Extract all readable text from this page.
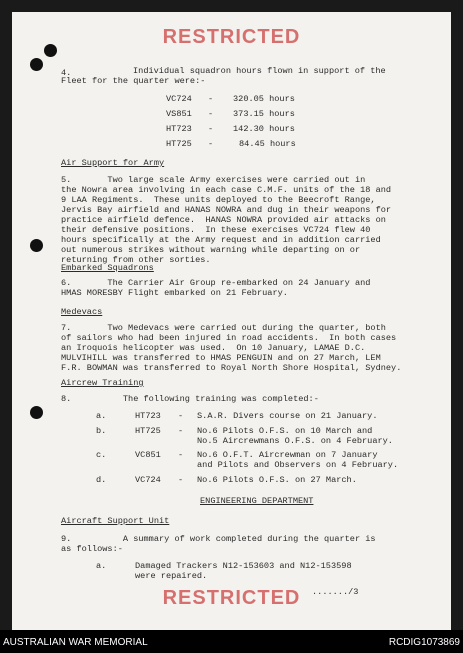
RESTRICTED
4.	Individual squadron hours flown in support of the
Fleet for the quarter were:-
VC724 - 320.05 hours
VS851 - 373.15 hours
HT723 - 142.30 hours
HT725 -	84.45 hours
Air Support for Army
5.       Two large scale Army exercises were carried out in
the Nowra area involving in each case C.M.F. units of the 18 and
9 LAA Regiments.  These units deployed to the Beecroft Range,
Jervis Bay airfield and HANAS NOWRA and dug in their weapons for
practice airfield defence.  HANAS NOWRA provided air attacks on
their defensive positions.  In these exercises VC724 flew 40
hours specifically at the Army request and in addition carried
out numerous strikes without warning while departing on or
returning from other sorties.
Embarked Squadrons
6.       The Carrier Air Group re-embarked on 24 January and
HMAS MORESBY Flight embarked on 21 February.
Medevacs
7.       Two Medevacs were carried out during the quarter, both
of sailors who had been injured in road accidents.  In both cases
an Iroquois helicopter was used.  On 10 January, LAMAE D.C.
MULVIHILL was transferred to HMAS PENGUIN and on 27 March, LEM
F.R. BOWMAN was transferred to Royal North Shore Hospital, Sydney.
Aircrew Training
8.          The following training was completed:-
a.	HT723 - S.A.R. Divers course on 21 January.
b.	HT725 - No.6 Pilots O.F.S. on 10 March and
No.5 Aircrewmans O.F.S. on 4 February.
c.	VC851 - No.6 O.F.T. Aircrewman on 7 January
and Pilots and Observers on 4 February.
d.	VC724 - No.6 Pilots O.F.S. on 27 March.
ENGINEERING DEPARTMENT
Aircraft Support Unit
9.          A summary of work completed during the quarter is
as follows:-
a.	Damaged Trackers N12-153603 and N12-153598
were repaired.
RESTRICTED	......./3
AUSTRALIAN WAR MEMORIAL	RCDIG1073869
